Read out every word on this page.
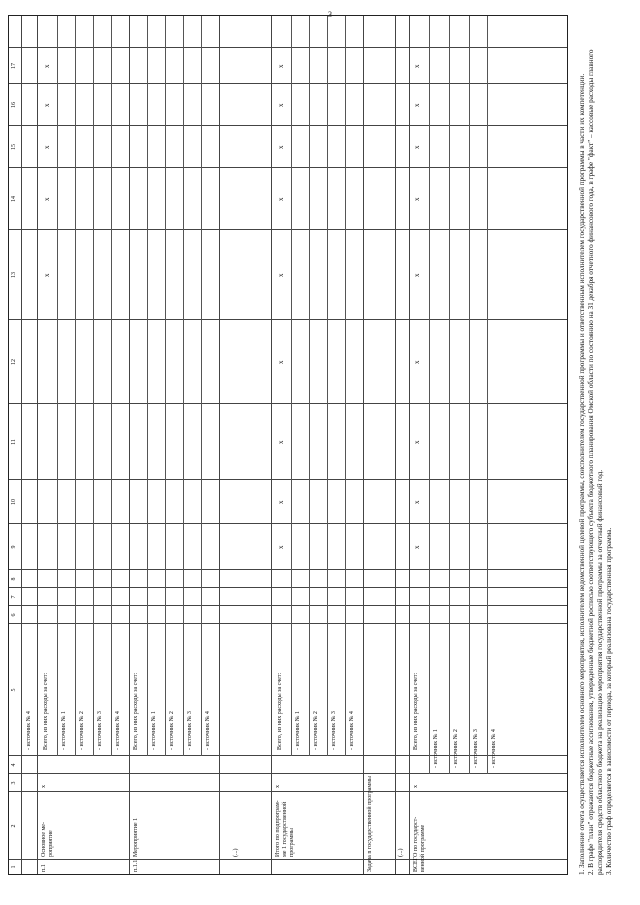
3
1
2
3
4
5
6
7
8
9
10
11
12
13
14
15
16
17
- источник № 4
п.1
Основное ме-
роприятие
х
Всего, из них расходы за счет: - источник № 1 - источник № 2 - источник № 3 - источник № 4
п.1.1
Мероприятие 1
Всего, из них расходы за счет: - источник № 1 - источник № 2 - источник № 3 - источник № 4
(...)	Итого по подпрограм-
ме 1 государственной
программы
х
Всего, из них расходы за счет: - источник № 1 - источник № 2 - источник № 3 - источник № 4
Задача n государственной программы	(...) ВСЕГО по государст-
венной программе
х
Всего, из них расходы за счет: - источник № 1 - источник № 2 - источник № 3 - источник № 4
х
х
х
х
х
х
х
х
х
х
х
х
х
х
х
х
х
х
х
х
х
х
х

1. Заполнение отчета осуществляется исполнителем основного мероприятия, исполнителем ведомственной целевой программы, соисполнителем государственной программы и ответственным исполнителем государственной программы в части их компетенции. 2. В графе "план" отражаются бюджетные ассигнования, утвержденные бюджетной росписью соответствующего субъекта бюджетного планирования Омской области по состоянию на 31 декабря отчетного финансового года, в графе "факт" – кассовые расходы главного распорядителя средств областного бюджета на реализацию мероприятия государственной программы за отчетный финансовый год. 3. Количество граф определяется в зависимости от периода, за который реализована государственная программа.
